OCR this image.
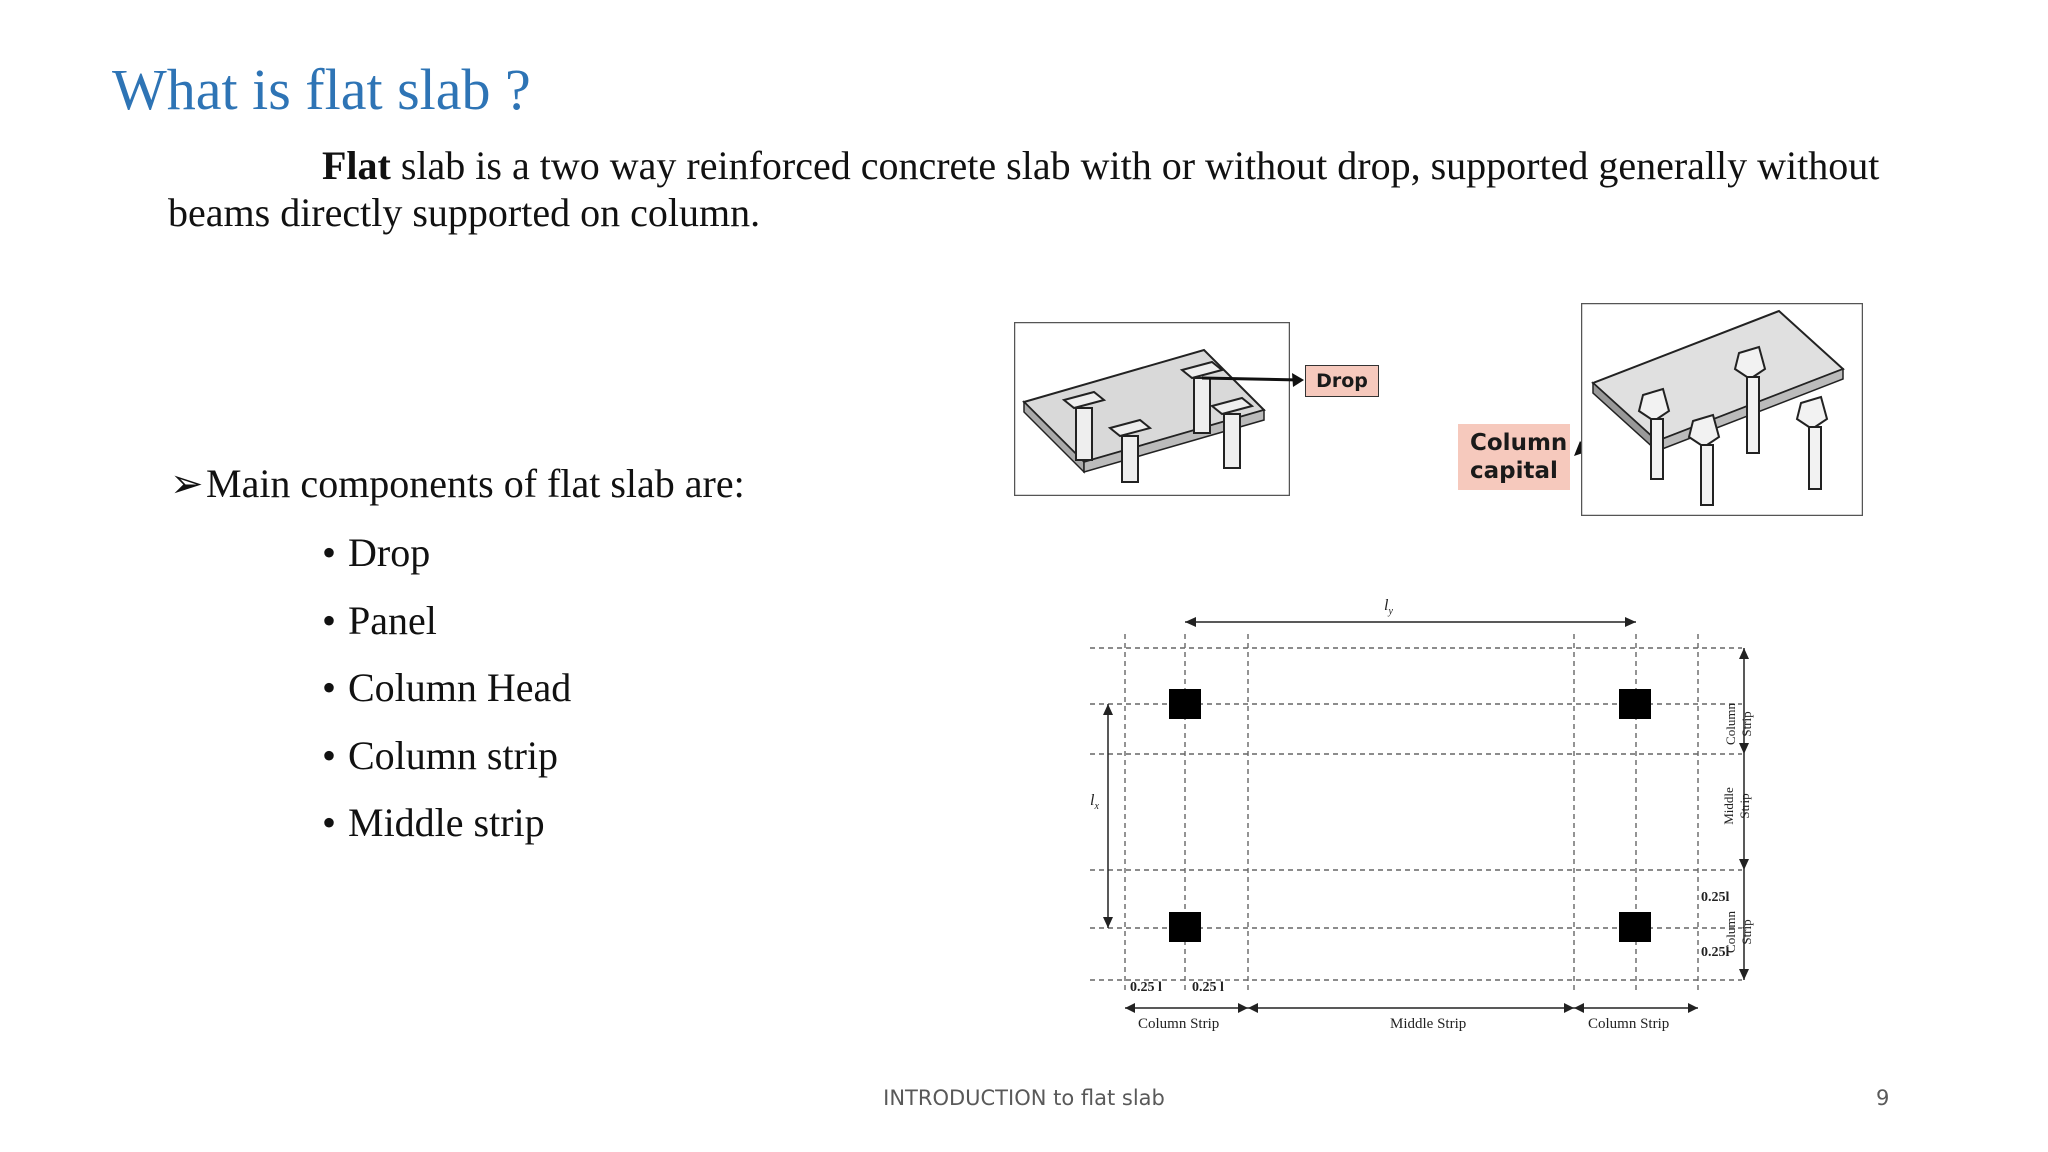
What is flat slab ?
Flat slab is a two way reinforced concrete slab with or without drop, supported generally without beams directly supported on column.
➢Main components of flat slab are:
• Drop
• Panel
• Column Head
• Column strip
• Middle strip
Drop
Column
capital
$l_y$
$l_x$
0.25 l 0.25 l
0.25l
0.25l
Column Strip	Middle Strip	Column Strip
Column Strip
Middle Strip
Column Strip
INTRODUCTION to flat slab	9
